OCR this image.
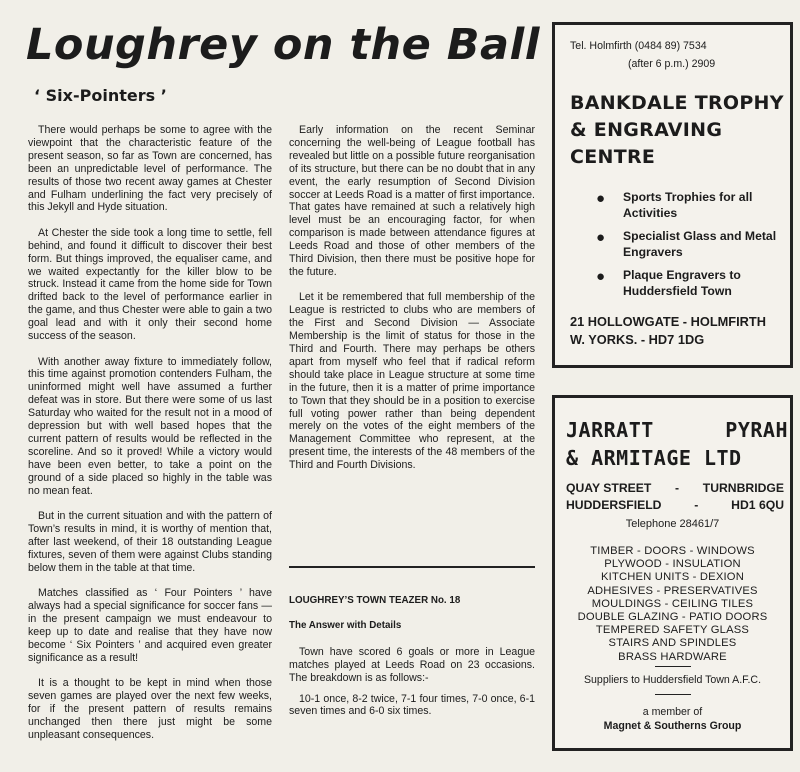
Loughrey on the Ball
‘ Six-Pointers ’

There would perhaps be some to agree with the viewpoint that the characteristic feature of the present season, so far as Town are concerned, has been an unpredictable level of performance. The results of those two recent away games at Chester and Fulham underlining the fact very precisely of this Jekyll and Hyde situation.

At Chester the side took a long time to settle, fell behind, and found it difficult to discover their best form. But things improved, the equaliser came, and we waited expectantly for the killer blow to be struck. Instead it came from the home side for Town drifted back to the level of performance earlier in the game, and thus Chester were able to gain a two goal lead and with it only their second home success of the season.

With another away fixture to immediately follow, this time against promotion contenders Fulham, the uninformed might well have assumed a further defeat was in store. But there were some of us last Saturday who waited for the result not in a mood of depression but with well based hopes that the current pattern of results would be reflected in the scoreline. And so it proved! While a victory would have been even better, to take a point on the ground of a side placed so highly in the table was no mean feat.

But in the current situation and with the pattern of Town’s results in mind, it is worthy of mention that, after last weekend, of their 18 outstanding League fixtures, seven of them were against Clubs standing below them in the table at that time.

Matches classified as ‘ Four Pointers ’ have always had a special significance for soccer fans — in the present campaign we must endeavour to keep up to date and realise that they have now become ‘ Six Pointers ’ and acquired even greater significance as a result!

It is a thought to be kept in mind when those seven games are played over the next few weeks, for if the present pattern of results remains unchanged then there just might be some unpleasant consequences.

Early information on the recent Seminar concerning the well-being of League football has revealed but little on a possible future reorganisation of its structure, but there can be no doubt that in any event, the early resumption of Second Division soccer at Leeds Road is a matter of first importance. That gates have remained at such a relatively high level must be an encouraging factor, for when comparison is made between attendance figures at Leeds Road and those of other members of the Third Division, then there must be positive hope for the future.

Let it be remembered that full membership of the League is restricted to clubs who are members of the First and Second Division — Associate Membership is the limit of status for those in the Third and Fourth. There may perhaps be others apart from myself who feel that if radical reform should take place in League structure at some time in the future, then it is a matter of prime importance to Town that they should be in a position to exercise full voting power rather than being dependent merely on the votes of the eight members of the Management Committee who represent, at the present time, the interests of the 48 members of the Third and Fourth Divisions.

LOUGHREY’S TOWN TEAZER No. 18

The Answer with Details

Town have scored 6 goals or more in League matches played at Leeds Road on 23 occasions. The breakdown is as follows:-

10-1 once, 8-2 twice, 7-1 four times, 7-0 once, 6-1 seven times and 6-0 six times.

Tel. Holmfirth (0484 89) 7534
(after 6 p.m.) 2909
BANKDALE TROPHY
& ENGRAVING
CENTRE
● Sports Trophies for all Activities
● Specialist Glass and Metal Engravers
● Plaque Engravers to Huddersfield Town
21 HOLLOWGATE - HOLMFIRTH
W. YORKS. - HD7 1DG
JARRATT	PYRAH
& ARMITAGE LTD
QUAY STREET - TURNBRIDGE
HUDDERSFIELD	-	HD1 6QU
Telephone 28461/7
TIMBER - DOORS - WINDOWS
PLYWOOD - INSULATION
KITCHEN UNITS - DEXION
ADHESIVES - PRESERVATIVES
MOULDINGS - CEILING TILES
DOUBLE GLAZING - PATIO DOORS
TEMPERED SAFETY GLASS
STAIRS AND SPINDLES
BRASS HARDWARE
Suppliers to Huddersfield Town A.F.C.
a member of
Magnet & Southerns Group
